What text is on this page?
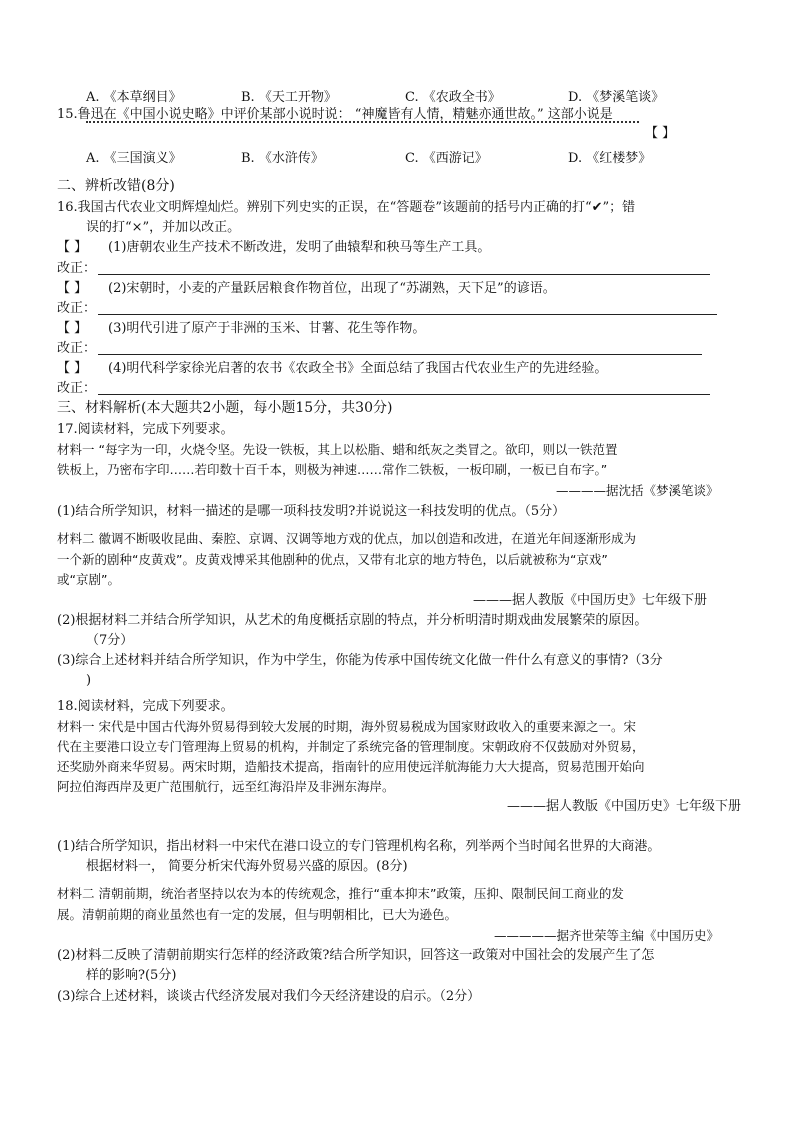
A. 《本草纲目》	B. 《天工开物》	C. 《农政全书》	D. 《梦溪笔谈》
15.鲁迅在《中国小说史略》中评价某部小说时说： “神魔皆有人情，精魅亦通世故。” 这部小说是
【 】
A. 《三国演义》	B. 《水浒传》	C. 《西游记》	D. 《红楼梦》
二、辨析改错(8分)
16.我国古代农业文明辉煌灿烂。辨别下列史实的正误，在“答题卷”该题前的括号内正确的打“✔”；错
误的打“×”，并加以改正。
【 】 (1)唐朝农业生产技术不断改进，发明了曲辕犁和秧马等生产工具。
改正：
【 】 (2)宋朝时，小麦的产量跃居粮食作物首位，出现了“苏湖熟，天下足”的谚语。
改正：
【 】 (3)明代引进了原产于非洲的玉米、甘薯、花生等作物。
改正：
【 】 (4)明代科学家徐光启著的农书《农政全书》全面总结了我国古代农业生产的先进经验。
改正：
三、材料解析(本大题共2小题，每小题15分，共30分)
17.阅读材料，完成下列要求。
材料一 “每字为一印，火烧令坚。先设一铁板，其上以松脂、蜡和纸灰之类冒之。欲印，则以一铁范置
铁板上，乃密布字印……若印数十百千本，则极为神速……常作二铁板，一板印刷，一板已自布字。”
————据沈括《梦溪笔谈》
(1)结合所学知识，材料一描述的是哪一项科技发明?并说说这一科技发明的优点。（5分）
材料二 徽调不断吸收昆曲、秦腔、京调、汉调等地方戏的优点，加以创造和改进，在道光年间逐渐形成为
一个新的剧种“皮黄戏”。皮黄戏博采其他剧种的优点，又带有北京的地方特色，以后就被称为“京戏”
或“京剧”。
———据人教版《中国历史》七年级下册
(2)根据材料二并结合所学知识，从艺术的角度概括京剧的特点，并分析明清时期戏曲发展繁荣的原因。
（7分）
(3)综合上述材料并结合所学知识，作为中学生，你能为传承中国传统文化做一件什么有意义的事情?（3分
)
18.阅读材料，完成下列要求。
材料一 宋代是中国古代海外贸易得到较大发展的时期，海外贸易税成为国家财政收入的重要来源之一。宋
代在主要港口设立专门管理海上贸易的机构，并制定了系统完备的管理制度。宋朝政府不仅鼓励对外贸易，
还奖励外商来华贸易。两宋时期，造船技术提高，指南针的应用使远洋航海能力大大提高，贸易范围开始向
阿拉伯海西岸及更广范围航行，远至红海沿岸及非洲东海岸。
———据人教版《中国历史》七年级下册
(1)结合所学知识，指出材料一中宋代在港口设立的专门管理机构名称，列举两个当时闻名世界的大商港。
根据材料一， 简要分析宋代海外贸易兴盛的原因。(8分)
材料二 清朝前期，统治者坚持以农为本的传统观念，推行“重本抑末”政策，压抑、限制民间工商业的发
展。清朝前期的商业虽然也有一定的发展，但与明朝相比，已大为逊色。
—————据齐世荣等主编《中国历史》
(2)材料二反映了清朝前期实行怎样的经济政策?结合所学知识，回答这一政策对中国社会的发展产生了怎
样的影响?(5分)
(3)综合上述材料，谈谈古代经济发展对我们今天经济建设的启示。（2分）
